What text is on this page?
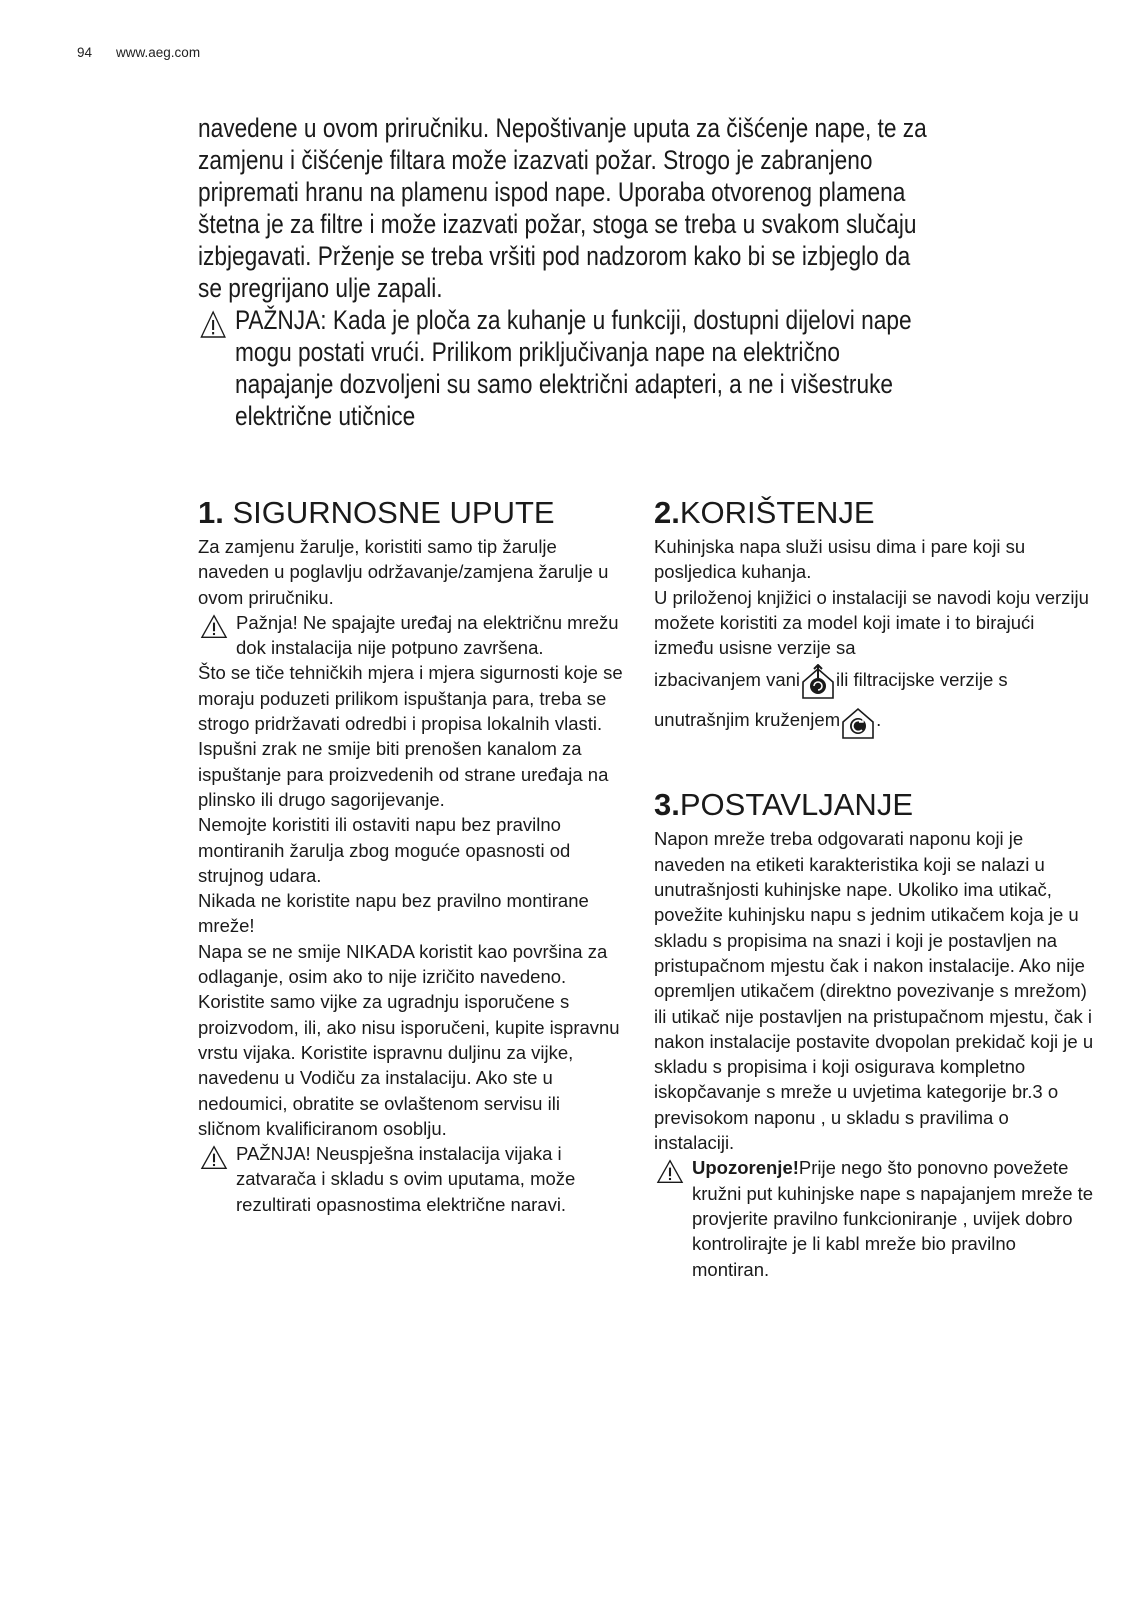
94 www.aeg.com

navedene u ovom priručniku. Nepoštivanje uputa za čišćenje nape, te za zamjenu i čišćenje filtara može izazvati požar. Strogo je zabranjeno pripremati hranu na plamenu ispod nape. Uporaba otvorenog plamena štetna je za filtre i može izazvati požar, stoga se treba u svakom slučaju izbjegavati. Prženje se treba vršiti pod nadzorom kako bi se izbjeglo da se pregrijano ulje zapali.

PAŽNJA: Kada je ploča za kuhanje u funkciji, dostupni dijelovi nape mogu postati vrući. Prilikom priključivanja nape na električno napajanje dozvoljeni su samo električni adapteri, a ne i višestruke električne utičnice
1. SIGURNOSNE UPUTE

Za zamjenu žarulje, koristiti samo tip žarulje naveden u poglavlju održavanje/zamjena žarulje u ovom priručniku.

Pažnja! Ne spajajte uređaj na električnu mrežu dok instalacija nije potpuno završena.

Što se tiče tehničkih mjera i mjera sigurnosti koje se moraju poduzeti prilikom ispuštanja para, treba se strogo pridržavati odredbi i propisa lokalnih vlasti.

Ispušni zrak ne smije biti prenošen kanalom za ispuštanje para proizvedenih od strane uređaja na plinsko ili drugo sagorijevanje.

Nemojte koristiti ili ostaviti napu bez pravilno montiranih žarulja zbog moguće opasnosti od strujnog udara.

Nikada ne koristite napu bez pravilno montirane mreže!

Napa se ne smije NIKADA koristit kao površina za odlaganje, osim ako to nije izričito navedeno. Koristite samo vijke za ugradnju isporučene s proizvodom, ili, ako nisu isporučeni, kupite ispravnu vrstu vijaka. Koristite ispravnu duljinu za vijke, navedenu u Vodiču za instalaciju. Ako ste u nedoumici, obratite se ovlaštenom servisu ili sličnom kvalificiranom osoblju.

PAŽNJA! Neuspješna instalacija vijaka i zatvarača i skladu s ovim uputama, može rezultirati opasnostima električne naravi.
2.KORIŠTENJE

Kuhinjska napa služi usisu dima i pare koji su posljedica kuhanja.

U priloženoj knjižici o instalaciji se navodi koju verziju možete koristiti za model koji imate i to birajući između usisne verzije sa

izbacivanjem vani ili filtracijske verzije s

unutrašnjim kruženjem .

3.POSTAVLJANJE

Napon mreže treba odgovarati naponu koji je naveden na etiketi karakteristika koji se nalazi u unutrašnjosti kuhinjske nape. Ukoliko ima utikač, povežite kuhinjsku napu s jednim utikačem koja je u skladu s propisima na snazi i koji je postavljen na pristupačnom mjestu čak i nakon instalacije. Ako nije opremljen utikačem (direktno povezivanje s mrežom) ili utikač nije postavljen na pristupačnom mjestu, čak i nakon instalacije postavite dvopolan prekidač koji je u skladu s propisima i koji osigurava kompletno iskopčavanje s mreže u uvjetima kategorije br.3 o previsokom naponu , u skladu s pravilima o instalaciji.

Upozorenje!Prije nego što ponovno povežete kružni put kuhinjske nape s napajanjem mreže te provjerite pravilno funkcioniranje , uvijek dobro kontrolirajte je li kabl mreže bio pravilno montiran.
